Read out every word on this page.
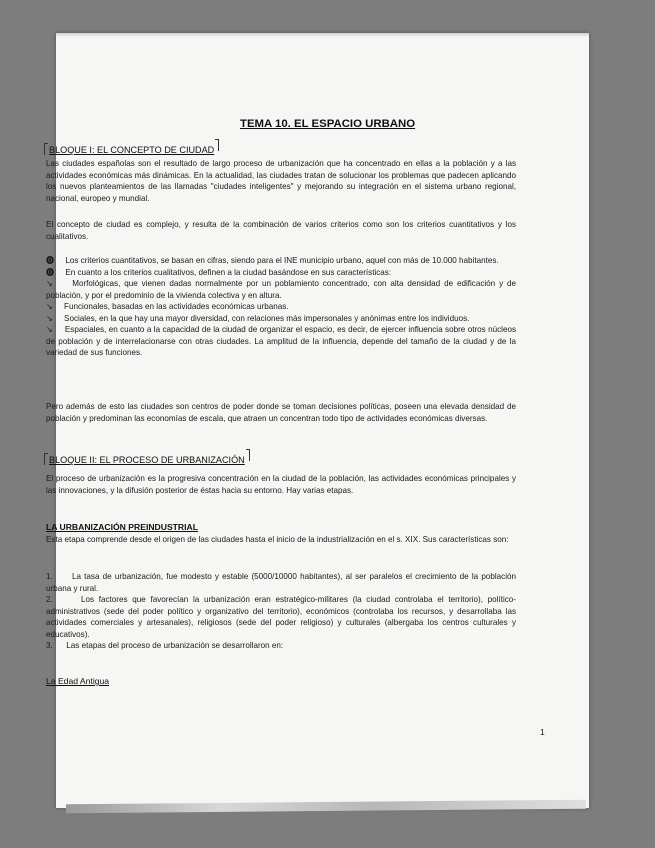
TEMA 10. EL ESPACIO URBANO
BLOQUE I: EL CONCEPTO DE CIUDAD

Las ciudades españolas son el resultado de largo proceso de urbanización que ha concentrado en ellas a la población y a las actividades económicas más dinámicas. En la actualidad, las ciudades tratan de solucionar los problemas que padecen aplicando los nuevos planteamientos de las llamadas "ciudades inteligentes" y mejorando su integración en el sistema urbano regional, nacional, europeo y mundial.

El concepto de ciudad es complejo, y resulta de la combinación de varios criterios como son los criterios cuantitativos y los cualitativos.

⓿ Los criterios cuantitativos, se basan en cifras, siendo para el INE municipio urbano, aquel con más de 10.000 habitantes.

⓿ En cuanto a los criterios cualitativos, definen a la ciudad basándose en sus características:

↘ Morfológicas, que vienen dadas normalmente por un poblamiento concentrado, con alta densidad de edificación y de población, y por el predominio de la vivienda colectiva y en altura.

↘ Funcionales, basadas en las actividades económicas urbanas.

↘ Sociales, en la que hay una mayor diversidad, con relaciones más impersonales y anónimas entre los individuos.

↘ Espaciales, en cuanto a la capacidad de la ciudad de organizar el espacio, es decir, de ejercer influencia sobre otros núcleos de población y de interrelacionarse con otras ciudades. La amplitud de la influencia, depende del tamaño de la ciudad y de la variedad de sus funciones.

Pero además de esto las ciudades son centros de poder donde se toman decisiones políticas, poseen una elevada densidad de población y predominan las economías de escala, que atraen un concentran todo tipo de actividades económicas diversas.

BLOQUE II: EL PROCESO DE URBANIZACIÓN

El proceso de urbanización es la progresiva concentración en la ciudad de la población, las actividades económicas principales y las innovaciones, y la difusión posterior de éstas hacia su entorno. Hay varias etapas.

LA URBANIZACIÓN PREINDUSTRIAL

Esta etapa comprende desde el origen de las ciudades hasta el inicio de la industrialización en el s. XIX. Sus características son:

1. La tasa de urbanización, fue modesto y estable (5000/10000 habitantes), al ser paralelos el crecimiento de la población urbana y rural.

2.	Los factores que favorecían la urbanización eran estratégico-militares (la ciudad controlaba el territorio), político-administrativos (sede del poder político y organizativo del territorio), económicos (controlaba los recursos, y desarrollaba las actividades comerciales y artesanales), religiosos (sede del poder religioso) y culturales (albergaba los centros culturales y educativos).

3. Las etapas del proceso de urbanización se desarrollaron en:

La Edad Antigua
1
